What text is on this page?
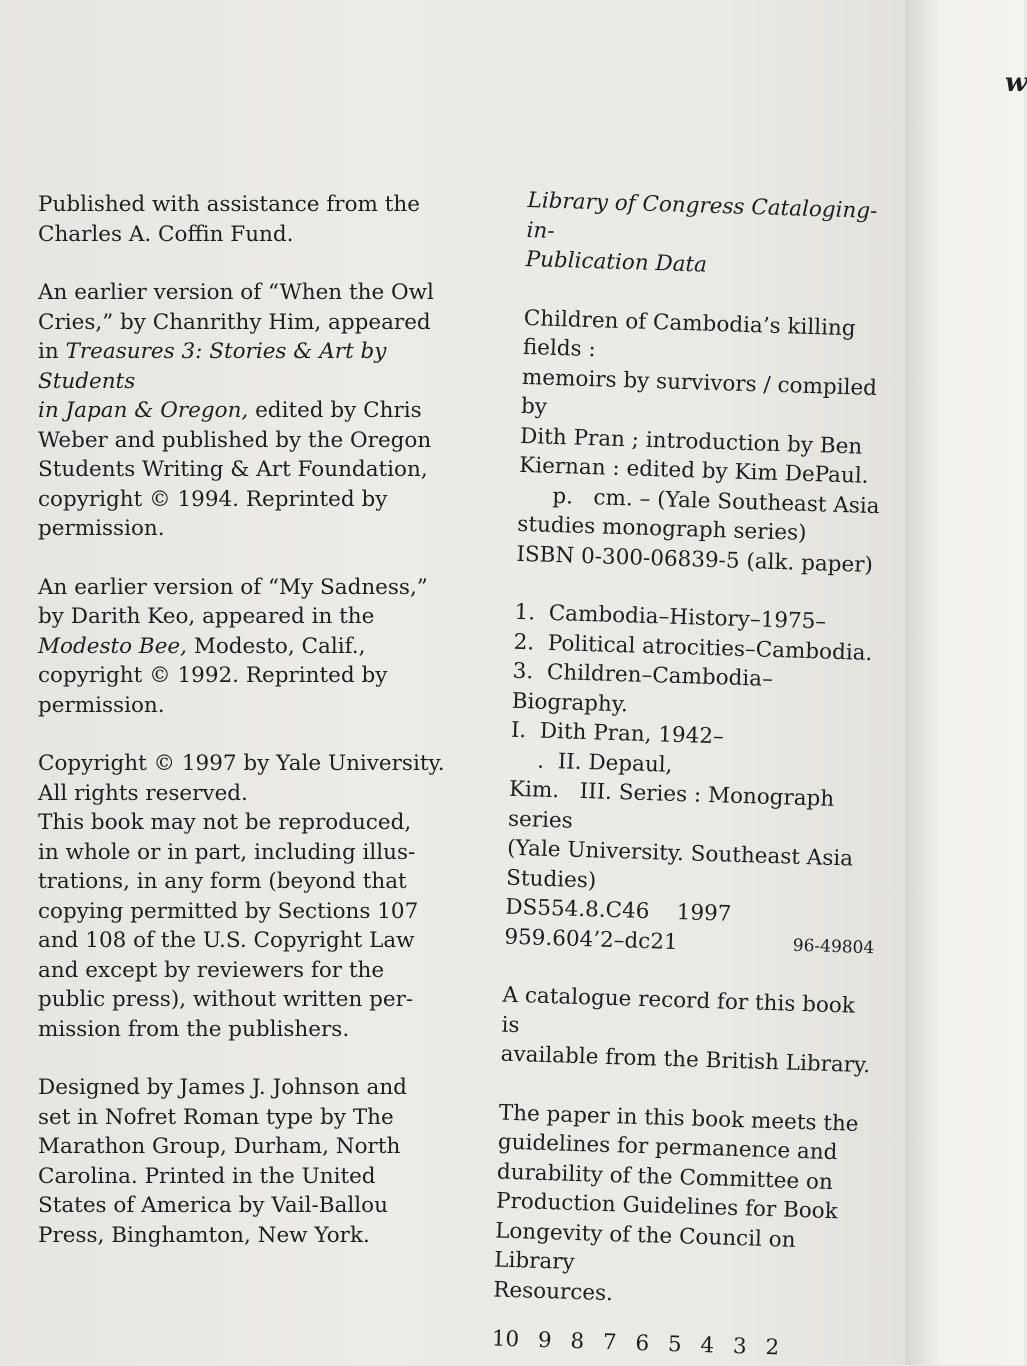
w

Published with assistance from the

Charles A. Coffin Fund.

An earlier version of “When the Owl

Cries,” by Chanrithy Him, appeared

in Treasures 3: Stories & Art by Students

in Japan & Oregon, edited by Chris

Weber and published by the Oregon

Students Writing & Art Foundation,

copyright © 1994. Reprinted by

permission.

An earlier version of “My Sadness,”

by Darith Keo, appeared in the

Modesto Bee, Modesto, Calif.,

copyright © 1992. Reprinted by

permission.

Copyright © 1997 by Yale University.

All rights reserved.

This book may not be reproduced,

in whole or in part, including illus-

trations, in any form (beyond that

copying permitted by Sections 107

and 108 of the U.S. Copyright Law

and except by reviewers for the

public press), without written per-

mission from the publishers.

Designed by James J. Johnson and

set in Nofret Roman type by The

Marathon Group, Durham, North

Carolina. Printed in the United

States of America by Vail-Ballou

Press, Binghamton, New York.

Library of Congress Cataloging-in-

Publication Data

Children of Cambodia’s killing fields :

memoirs by survivors / compiled by

Dith Pran ; introduction by Ben

Kiernan : edited by Kim DePaul.

p.   cm. – (Yale Southeast Asia

studies monograph series)

ISBN 0-300-06839-5 (alk. paper)

1.  Cambodia–History–1975–

2.  Political atrocities–Cambodia.

3.  Children–Cambodia–Biography.

I.  Dith Pran, 1942–    .  II. Depaul,

Kim.   III. Series : Monograph series

(Yale University. Southeast Asia

Studies)

DS554.8.C46    1997

959.604’2–dc21	96-49804

A catalogue record for this book is

available from the British Library.

The paper in this book meets the

guidelines for permanence and

durability of the Committee on

Production Guidelines for Book

Longevity of the Council on Library

Resources.

10 9 8 7 6 5 4 3 2
